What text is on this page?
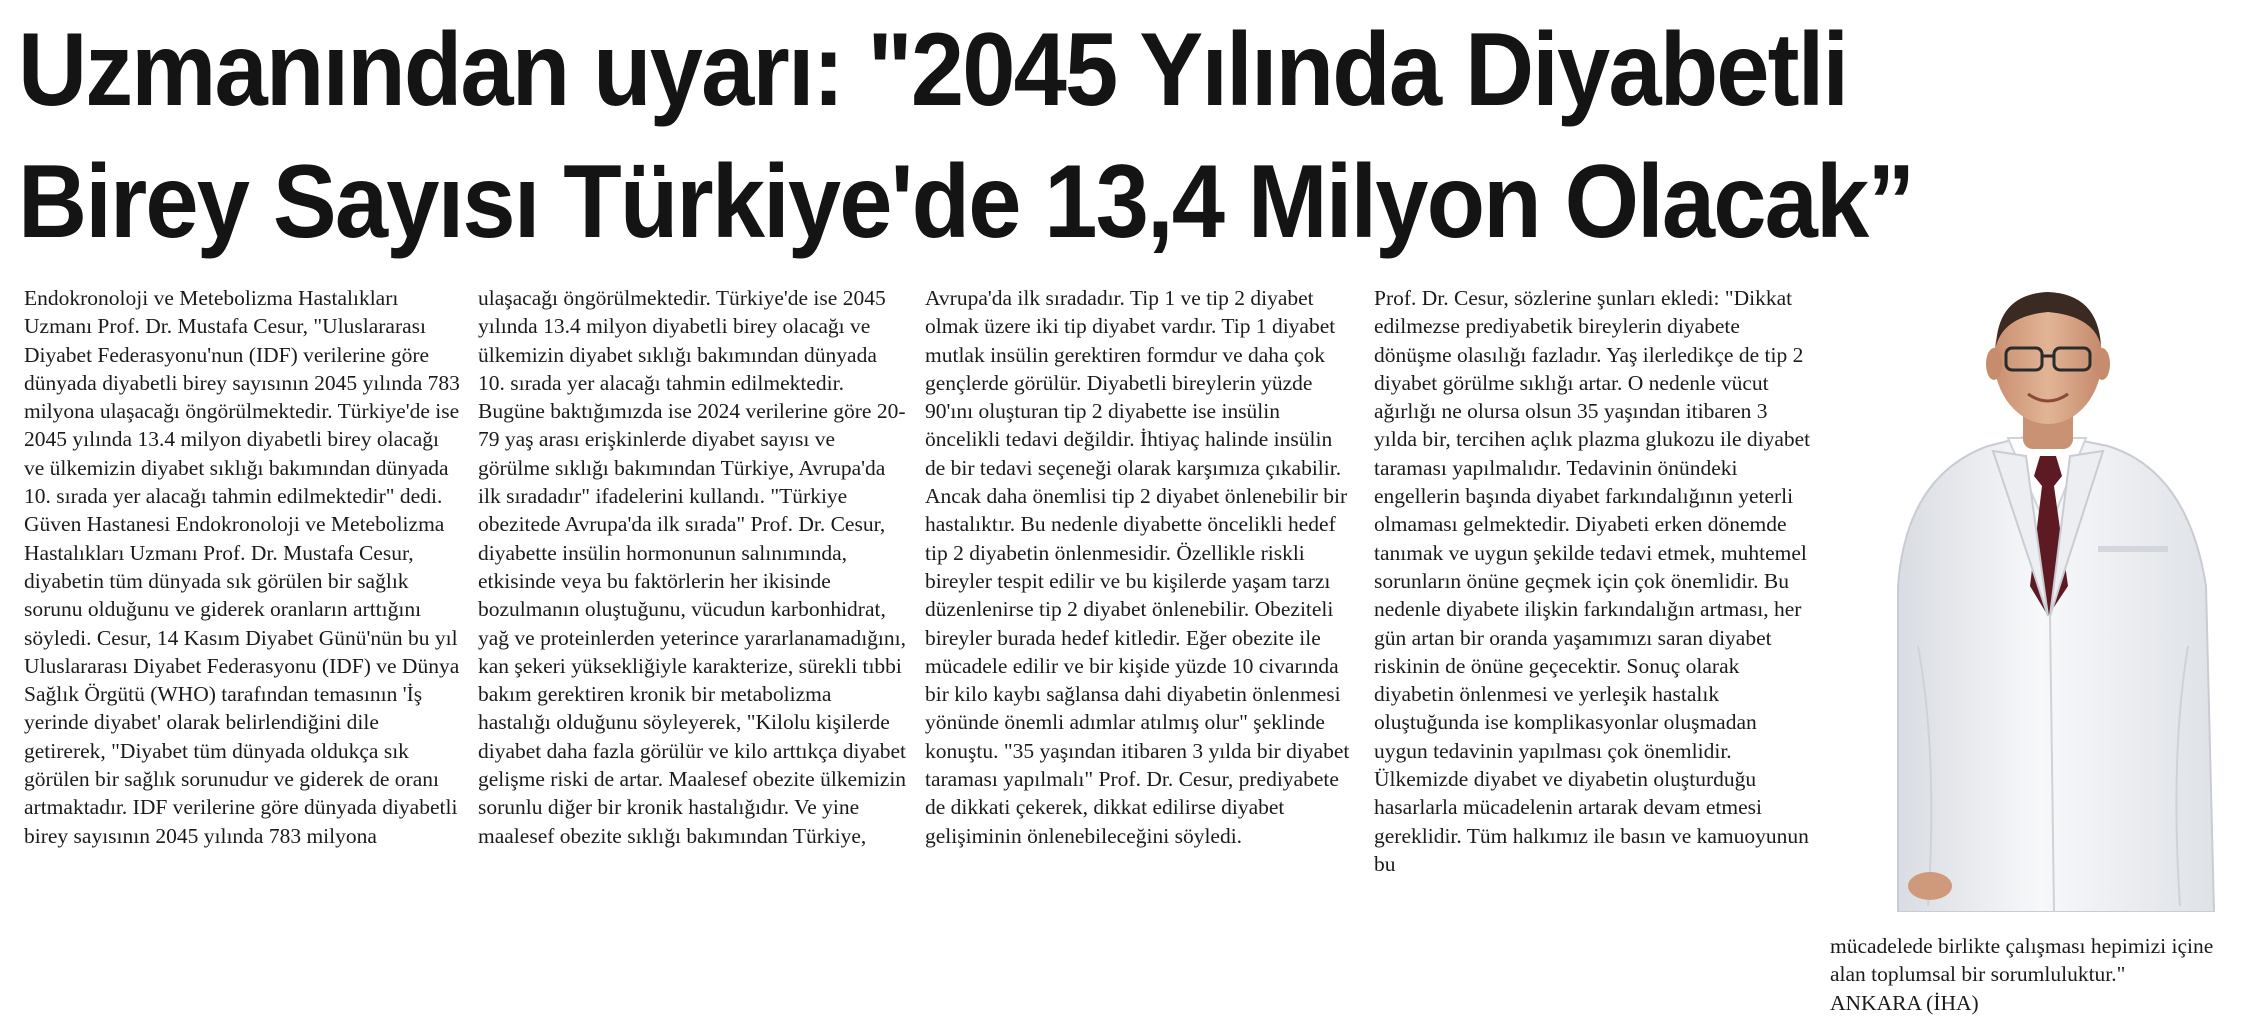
Uzmanından uyarı: "2045 Yılında Diyabetli
Birey Sayısı Türkiye'de 13,4 Milyon Olacak”

Endokronoloji ve Metebolizma Hastalıkları Uzmanı Prof. Dr. Mustafa Cesur, "Uluslararası Diyabet Federasyonu'nun (IDF) verilerine göre dünyada diyabetli birey sayısının 2045 yılında 783 milyona ulaşacağı öngörülmektedir. Türkiye'de ise 2045 yılında 13.4 milyon diyabetli birey olacağı ve ülkemizin diyabet sıklığı bakımından dünyada 10. sırada yer alacağı tahmin edilmektedir" dedi. Güven Hastanesi Endokronoloji ve Metebolizma Hastalıkları Uzmanı Prof. Dr. Mustafa Cesur, diyabetin tüm dünyada sık görülen bir sağlık sorunu olduğunu ve giderek oranların arttığını söyledi. Cesur, 14 Kasım Diyabet Günü'nün bu yıl Uluslararası Diyabet Federasyonu (IDF) ve Dünya Sağlık Örgütü (WHO) tarafından temasının 'İş yerinde diyabet' olarak belirlendiğini dile getirerek, "Diyabet tüm dünyada oldukça sık görülen bir sağlık sorunudur ve giderek de oranı artmaktadır. IDF verilerine göre dünyada diyabetli birey sayısının 2045 yılında 783 milyona

ulaşacağı öngörülmektedir. Türkiye'de ise 2045 yılında 13.4 milyon diyabetli birey olacağı ve ülkemizin diyabet sıklığı bakımından dünyada 10. sırada yer alacağı tahmin edilmektedir. Bugüne baktığımızda ise 2024 verilerine göre 20-79 yaş arası erişkinlerde diyabet sayısı ve görülme sıklığı bakımından Türkiye, Avrupa'da ilk sıradadır" ifadelerini kullandı. "Türkiye obezitede Avrupa'da ilk sırada" Prof. Dr. Cesur, diyabette insülin hormonunun salınımında, etkisinde veya bu faktörlerin her ikisinde bozulmanın oluştuğunu, vücudun karbonhidrat, yağ ve proteinlerden yeterince yararlanamadığını, kan şekeri yüksekliğiyle karakterize, sürekli tıbbi bakım gerektiren kronik bir metabolizma hastalığı olduğunu söyleyerek, "Kilolu kişilerde diyabet daha fazla görülür ve kilo arttıkça diyabet gelişme riski de artar. Maalesef obezite ülkemizin sorunlu diğer bir kronik hastalığıdır. Ve yine maalesef obezite sıklığı bakımından Türkiye,

Avrupa'da ilk sıradadır. Tip 1 ve tip 2 diyabet olmak üzere iki tip diyabet vardır. Tip 1 diyabet mutlak insülin gerektiren formdur ve daha çok gençlerde görülür. Diyabetli bireylerin yüzde 90'ını oluşturan tip 2 diyabette ise insülin öncelikli tedavi değildir. İhtiyaç halinde insülin de bir tedavi seçeneği olarak karşımıza çıkabilir. Ancak daha önemlisi tip 2 diyabet önlenebilir bir hastalıktır. Bu nedenle diyabette öncelikli hedef tip 2 diyabetin önlenmesidir. Özellikle riskli bireyler tespit edilir ve bu kişilerde yaşam tarzı düzenlenirse tip 2 diyabet önlenebilir. Obeziteli bireyler burada hedef kitledir. Eğer obezite ile mücadele edilir ve bir kişide yüzde 10 civarında bir kilo kaybı sağlansa dahi diyabetin önlenmesi yönünde önemli adımlar atılmış olur" şeklinde konuştu. "35 yaşından itibaren 3 yılda bir diyabet taraması yapılmalı" Prof. Dr. Cesur, prediyabete de dikkati çekerek, dikkat edilirse diyabet gelişiminin önlenebileceğini söyledi.

Prof. Dr. Cesur, sözlerine şunları ekledi: "Dikkat edilmezse prediyabetik bireylerin diyabete dönüşme olasılığı fazladır. Yaş ilerledikçe de tip 2 diyabet görülme sıklığı artar. O nedenle vücut ağırlığı ne olursa olsun 35 yaşından itibaren 3 yılda bir, tercihen açlık plazma glukozu ile diyabet taraması yapılmalıdır. Tedavinin önündeki engellerin başında diyabet farkındalığının yeterli olmaması gelmektedir. Diyabeti erken dönemde tanımak ve uygun şekilde tedavi etmek, muhtemel sorunların önüne geçmek için çok önemlidir. Bu nedenle diyabete ilişkin farkındalığın artması, her gün artan bir oranda yaşamımızı saran diyabet riskinin de önüne geçecektir. Sonuç olarak diyabetin önlenmesi ve yerleşik hastalık oluştuğunda ise komplikasyonlar oluşmadan uygun tedavinin yapılması çok önemlidir. Ülkemizde diyabet ve diyabetin oluşturduğu hasarlarla mücadelenin artarak devam etmesi gereklidir. Tüm halkımız ile basın ve kamuoyunun bu

mücadelede birlikte çalışması hepimizi içine alan toplumsal bir sorumluluktur."

ANKARA (İHA)
